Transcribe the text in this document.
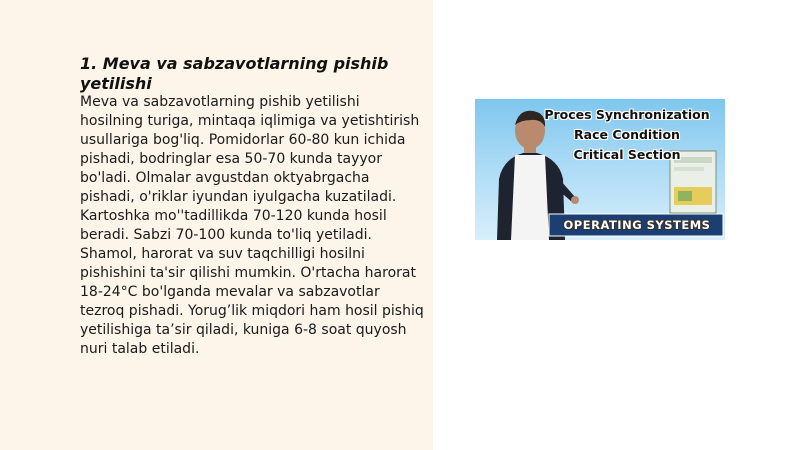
1. Meva va sabzavotlarning pishib yetilishi

Meva va sabzavotlarning pishib yetilishi hosilning turiga, mintaqa iqlimiga va yetishtirish usullariga bog'liq. Pomidorlar 60-80 kun ichida pishadi, bodringlar esa 50-70 kunda tayyor bo'ladi. Olmalar avgustdan oktyabrgacha pishadi, o'riklar iyundan iyulgacha kuzatiladi. Kartoshka mo''tadillikda 70-120 kunda hosil beradi. Sabzi 70-100 kunda to'liq yetiladi. Shamol, harorat va suv taqchilligi hosilni pishishini ta'sir qilishi mumkin. O'rtacha harorat 18-24°C bo'lganda mevalar va sabzavotlar tezroq pishadi. Yorug’lik miqdori ham hosil pishiq yetilishiga ta’sir qiladi, kuniga 6-8 soat quyosh nuri talab etiladi.

Proces Synchronization
Race Condition
Critical Section
OPERATING SYSTEMS
